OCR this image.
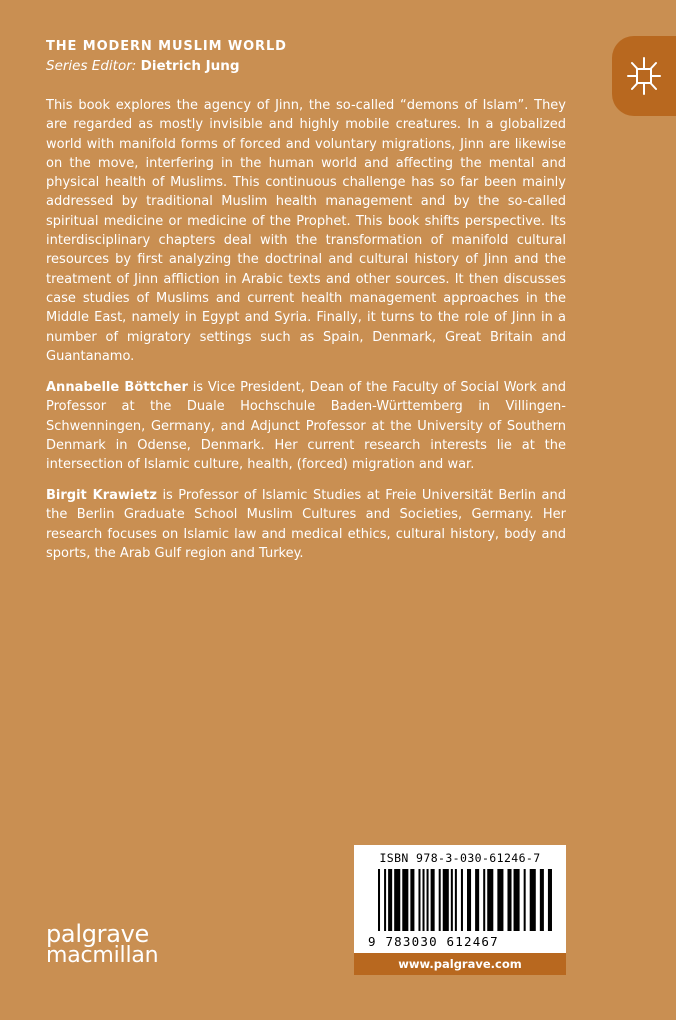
THE MODERN MUSLIM WORLD

Series Editor: Dietrich Jung

This book explores the agency of Jinn, the so-called “demons of Islam”. They are regarded as mostly invisible and highly mobile creatures. In a globalized world with manifold forms of forced and voluntary migrations, Jinn are likewise on the move, interfering in the human world and affecting the mental and physical health of Muslims. This continuous challenge has so far been mainly addressed by traditional Muslim health management and by the so-called spiritual medicine or medicine of the Prophet. This book shifts perspective. Its interdisciplinary chapters deal with the transformation of manifold cultural resources by first analyzing the doctrinal and cultural history of Jinn and the treatment of Jinn affliction in Arabic texts and other sources. It then discusses case studies of Muslims and current health management approaches in the Middle East, namely in Egypt and Syria. Finally, it turns to the role of Jinn in a number of migratory settings such as Spain, Denmark, Great Britain and Guantanamo.

Annabelle Böttcher is Vice President, Dean of the Faculty of Social Work and Professor at the Duale Hochschule Baden-Württemberg in Villingen-Schwenningen, Germany, and Adjunct Professor at the University of Southern Denmark in Odense, Denmark. Her current research interests lie at the intersection of Islamic culture, health, (forced) migration and war.

Birgit Krawietz is Professor of Islamic Studies at Freie Universität Berlin and the Berlin Graduate School Muslim Cultures and Societies, Germany. Her research focuses on Islamic law and medical ethics, cultural history, body and sports, the Arab Gulf region and Turkey.

ISBN 978-3-030-61246-7
9 783030 612467
www.palgrave.com
palgrave
macmillan
